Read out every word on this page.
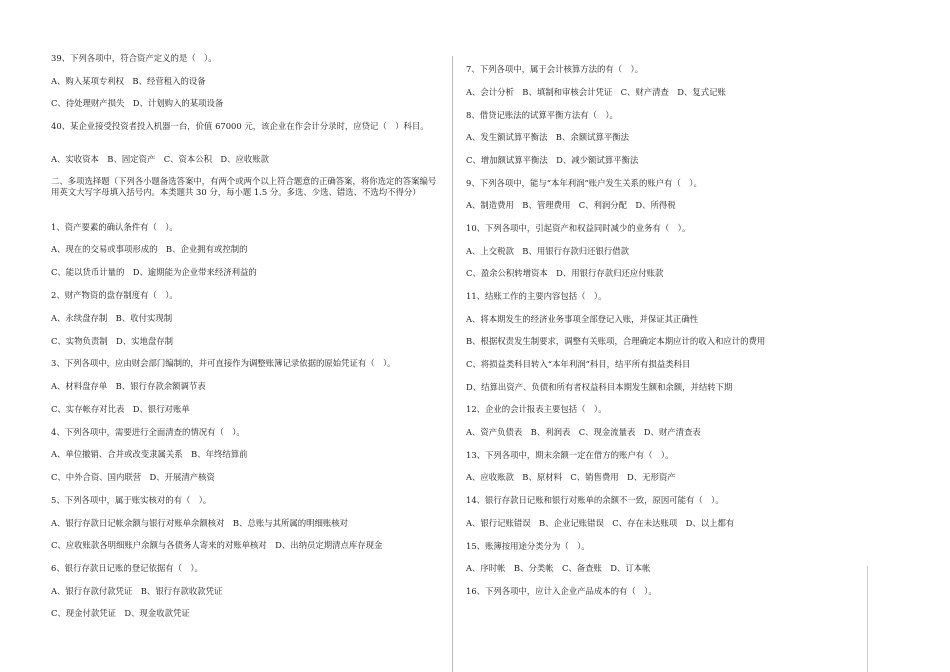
39、下列各项中，符合资产定义的是（　）。
A、购入某项专利权　B、经营租入的设备
C、待处理财产损失　D、计划购入的某项设备
40、某企业接受投资者投入机器一台，价值 67000 元，该企业在作会计分录时，应贷记（　）科目。
A、实收资本　B、固定资产　C、资本公积　D、应收账款
二、多项选择题（下列各小题备选答案中，有两个或两个以上符合题意的正确答案，将你选定的答案编号用英文大写字母填入括号内。本类题共 30 分，每小题 1.5 分。多选、少选、错选、不选均不得分）
1、资产要素的确认条件有（　）。
A、现在的交易或事项形成的　B、企业拥有或控制的
C、能以货币计量的　D、逾期能为企业带来经济利益的
2、财产物资的盘存制度有（　）。
A、永续盘存制　B、收付实现制
C、实物负责制　D、实地盘存制
3、下列各项中，应由财会部门编制的，并可直接作为调整账簿记录依据的原始凭证有（　）。
A、材料盘存单　B、银行存款余额调节表
C、实存帐存对比表　D、银行对账单
4、下列各项中，需要进行全面清查的情况有（　）。
A、单位撤销、合并或改变隶属关系　B、年终结算前
C、中外合资、国内联营　D、开展清产核资
5、下列各项中，属于账实核对的有（　）。
A、银行存款日记帐余额与银行对账单余额核对　B、总账与其所属的明细账核对
C、应收账款各明细账户余额与各债务人寄来的对账单核对　D、出纳员定期清点库存现金
6、银行存款日记账的登记依据有（　）。
A、银行存款付款凭证　B、银行存款收款凭证
C、现金付款凭证　D、现金收款凭证
7、下列各项中，属于会计核算方法的有（　）。
A、会计分析　B、填制和审核会计凭证　C、财产清查　D、复式记账
8、借贷记账法的试算平衡方法有（　）。
A、发生额试算平衡法　B、余额试算平衡法
C、增加额试算平衡法　D、减少额试算平衡法
9、下列各项中，能与“本年利润”账户发生关系的账户有（　）。
A、制造费用　B、管理费用　C、利润分配　D、所得税
10、下列各项中，引起资产和权益同时减少的业务有（　）。
A、上交税款　B、用银行存款归还银行借款
C、盈余公积转增资本　D、用银行存款归还应付账款
11、结账工作的主要内容包括（　）。
A、将本期发生的经济业务事项全部登记入账，并保证其正确性
B、根据权责发生制要求，调整有关账项，合理确定本期应计的收入和应计的费用
C、将损益类科目转入“本年利润”科目，结平所有损益类科目
D、结算出资产、负债和所有者权益科目本期发生额和余额，并结转下期
12、企业的会计报表主要包括（　）。
A、资产负债表　B、利润表　C、现金流量表　D、财产清查表
13、下列各项中，期末余额一定在借方的账户有（　）。
A、应收账款　B、原材料　C、销售费用　D、无形资产
14、银行存款日记账和银行对账单的余额不一致，原因可能有（　）。
A、银行记账错误　B、企业记账错误　C、存在未达账项　D、以上都有
15、账簿按用途分类分为（　）。
A、序时帐　B、分类帐　C、备查账　D、订本帐
16、下列各项中，应计入企业产品成本的有（　）。
